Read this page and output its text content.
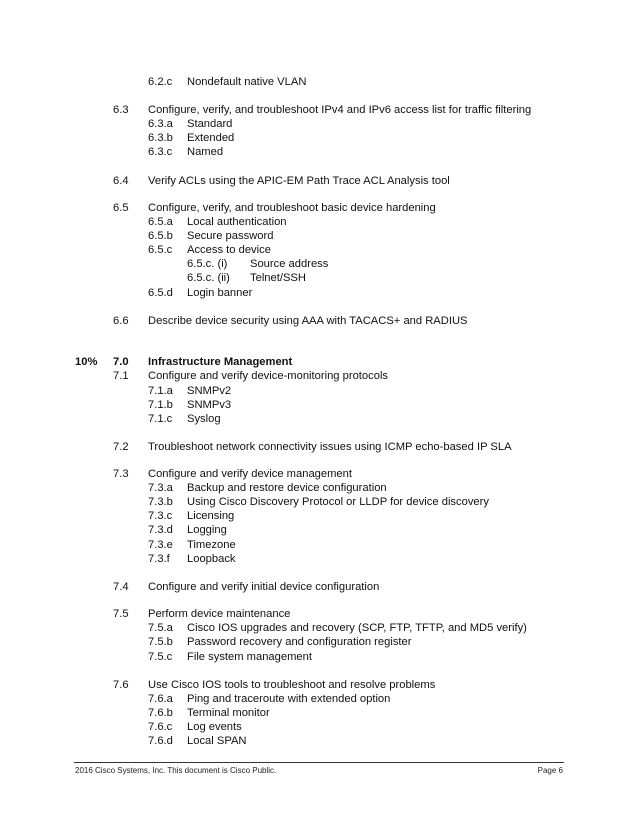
6.2.c Nondefault native VLAN
6.3 Configure, verify, and troubleshoot IPv4 and IPv6 access list for traffic filtering
6.3.a Standard
6.3.b Extended
6.3.c Named
6.4 Verify ACLs using the APIC-EM Path Trace ACL Analysis tool
6.5 Configure, verify, and troubleshoot basic device hardening
6.5.a Local authentication
6.5.b Secure password
6.5.c Access to device
6.5.c. (i) Source address
6.5.c. (ii) Telnet/SSH
6.5.d Login banner
6.6 Describe device security using AAA with TACACS+ and RADIUS
10% 7.0 Infrastructure Management
7.1 Configure and verify device-monitoring protocols
7.1.a SNMPv2
7.1.b SNMPv3
7.1.c Syslog
7.2 Troubleshoot network connectivity issues using ICMP echo-based IP SLA
7.3 Configure and verify device management
7.3.a Backup and restore device configuration
7.3.b Using Cisco Discovery Protocol or LLDP for device discovery
7.3.c Licensing
7.3.d Logging
7.3.e Timezone
7.3.f Loopback
7.4 Configure and verify initial device configuration
7.5 Perform device maintenance
7.5.a Cisco IOS upgrades and recovery (SCP, FTP, TFTP, and MD5 verify)
7.5.b Password recovery and configuration register
7.5.c File system management
7.6 Use Cisco IOS tools to troubleshoot and resolve problems
7.6.a Ping and traceroute with extended option
7.6.b Terminal monitor
7.6.c Log events
7.6.d Local SPAN
2016 Cisco Systems, Inc. This document is Cisco Public.	Page 6
